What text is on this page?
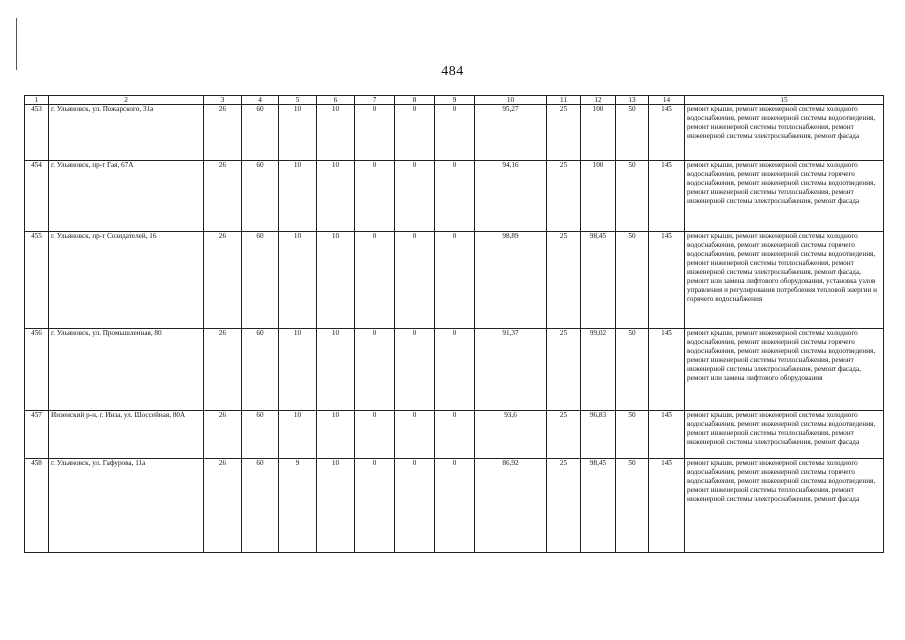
484
1	2	3	4	5	6	7	8	9	10	11	12	13	14	15
453	г. Ульяновск, ул. Пожарского, 31а	26	60	10	10	0	0	0	95,27	25	100	50	145	ремонт крыши, ремонт инженерной системы холодного водоснабжения, ремонт инженерной системы водоотведения, ремонт инженерной системы теплоснабжения, ремонт инженерной системы электроснабжения, ремонт фасада
454	г. Ульяновск, пр-т Гая, 67А	26	60	10	10	0	0	0	94,16	25	100	50	145	ремонт крыши, ремонт инженерной системы холодного водоснабжения, ремонт инженерной системы горячего водоснабжения, ремонт инженерной системы водоотведения, ремонт инженерной системы теплоснабжения, ремонт инженерной системы электроснабжения, ремонт фасада
455	г. Ульяновск, пр-т Созидателей, 16	26	60	10	10	0	0	0	98,89	25	98,45	50	145	ремонт крыши, ремонт инженерной системы холодного водоснабжения, ремонт инженерной системы горячего водоснабжения, ремонт инженерной системы водоотведения, ремонт инженерной системы теплоснабжения, ремонт инженерной системы электроснабжения, ремонт фасада, ремонт или замена лифтового оборудования, установка узлов управления и регулирования потребления тепловой энергии и горячего водоснабжения
456	г. Ульяновск, ул. Промышленная, 80	26	60	10	10	0	0	0	91,37	25	99,02	50	145	ремонт крыши, ремонт инженерной системы холодного водоснабжения, ремонт инженерной системы горячего водоснабжения, ремонт инженерной системы водоотведения, ремонт инженерной системы теплоснабжения, ремонт инженерной системы электроснабжения, ремонт фасада, ремонт или замена лифтового оборудования
457	Инзенский р-н, г. Инза, ул. Шоссейная, 80А	26	60	10	10	0	0	0	93,6	25	96,83	50	145	ремонт крыши, ремонт инженерной системы холодного водоснабжения, ремонт инженерной системы водоотведения, ремонт инженерной системы теплоснабжения, ремонт инженерной системы электроснабжения, ремонт фасада
458	г. Ульяновск, ул. Гафурова, 11а	26	60	9	10	0	0	0	86,92	25	98,45	50	145	ремонт крыши, ремонт инженерной системы холодного водоснабжения, ремонт инженерной системы горячего водоснабжения, ремонт инженерной системы водоотведения, ремонт инженерной системы теплоснабжения, ремонт инженерной системы электроснабжения, ремонт фасада
